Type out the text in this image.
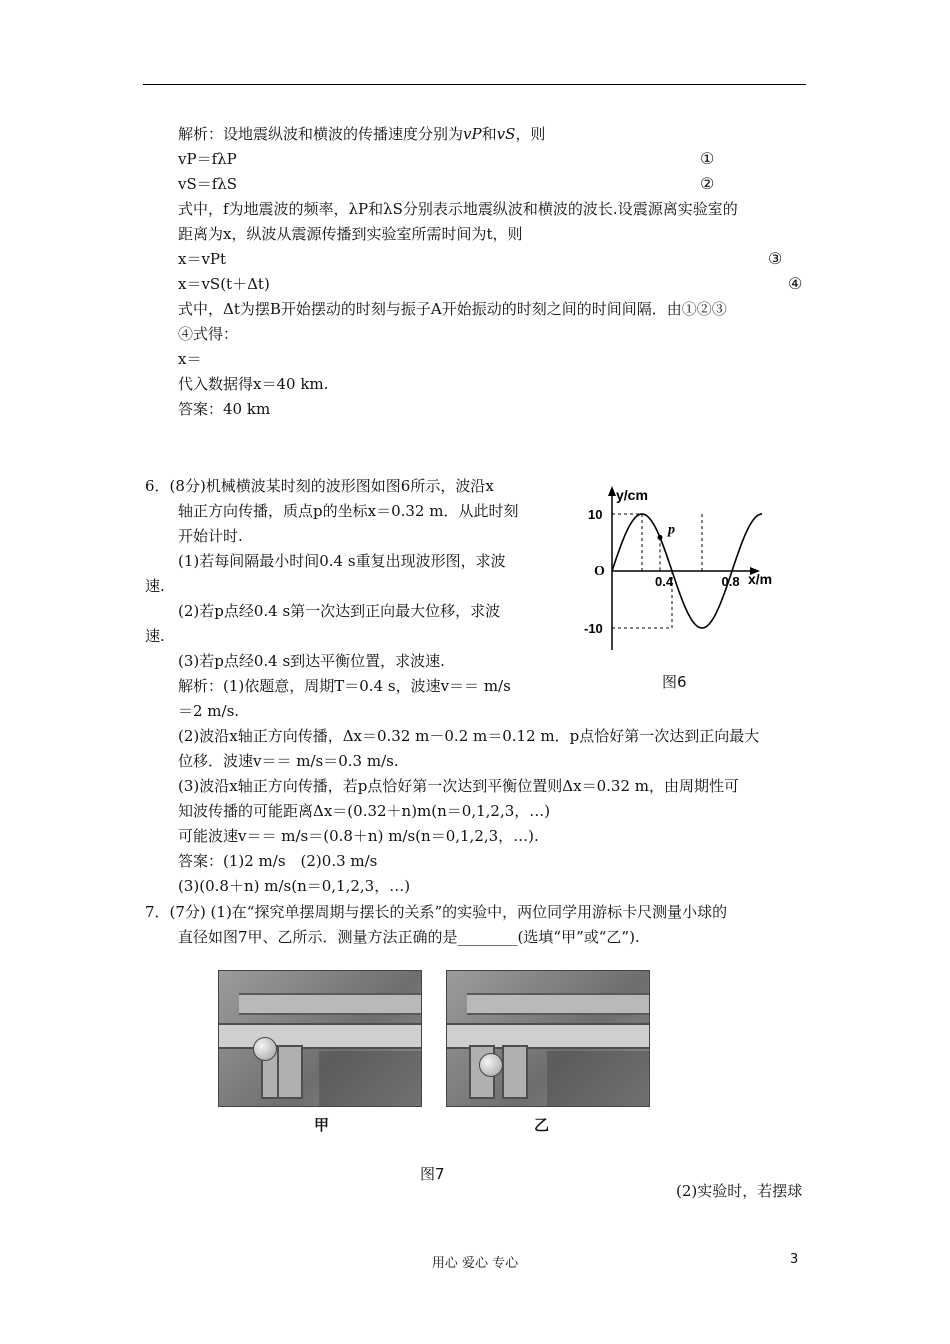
解析：设地震纵波和横波的传播速度分别为vP和vS，则
vP＝fλP	①
vS＝fλS	②
式中，f为地震波的频率，λP和λS分别表示地震纵波和横波的波长.设震源离实验室的
距离为x，纵波从震源传播到实验室所需时间为t，则
x＝vPt	③
x＝vS(t＋Δt)	④
式中，Δt为摆B开始摆动的时刻与振子A开始振动的时刻之间的时间间隔．由①②③
④式得：
x＝
代入数据得x＝40 km.
答案：40 km
6．(8分)机械横波某时刻的波形图如图6所示，波沿x
轴正方向传播，质点p的坐标x＝0.32 m．从此时刻
开始计时.
(1)若每间隔最小时间0.4 s重复出现波形图，求波
速.
(2)若p点经0.4 s第一次达到正向最大位移，求波
速.
(3)若p点经0.4 s到达平衡位置，求波速.
解析：(1)依题意，周期T＝0.4 s，波速v＝＝ m/s
＝2 m/s.
(2)波沿x轴正方向传播，Δx＝0.32 m－0.2 m＝0.12 m．p点恰好第一次达到正向最大
位移．波速v＝＝ m/s＝0.3 m/s.
(3)波沿x轴正方向传播，若p点恰好第一次达到平衡位置则Δx＝0.32 m，由周期性可
知波传播的可能距离Δx＝(0.32＋n)m(n＝0,1,2,3，…)
可能波速v＝＝ m/s＝(0.8＋n) m/s(n＝0,1,2,3，…).
答案：(1)2 m/s　(2)0.3 m/s
(3)(0.8＋n) m/s(n＝0,1,2,3，…)
y/cm
x/m
O
10
-10
0.4	0.8
p
图6
7．(7分) (1)在“探究单摆周期与摆长的关系”的实验中，两位同学用游标卡尺测量小球的
直径如图7甲、乙所示．测量方法正确的是________(选填“甲”或“乙”).
甲	乙
图7
(2)实验时，若摆球
用心 爱心 专心	3
